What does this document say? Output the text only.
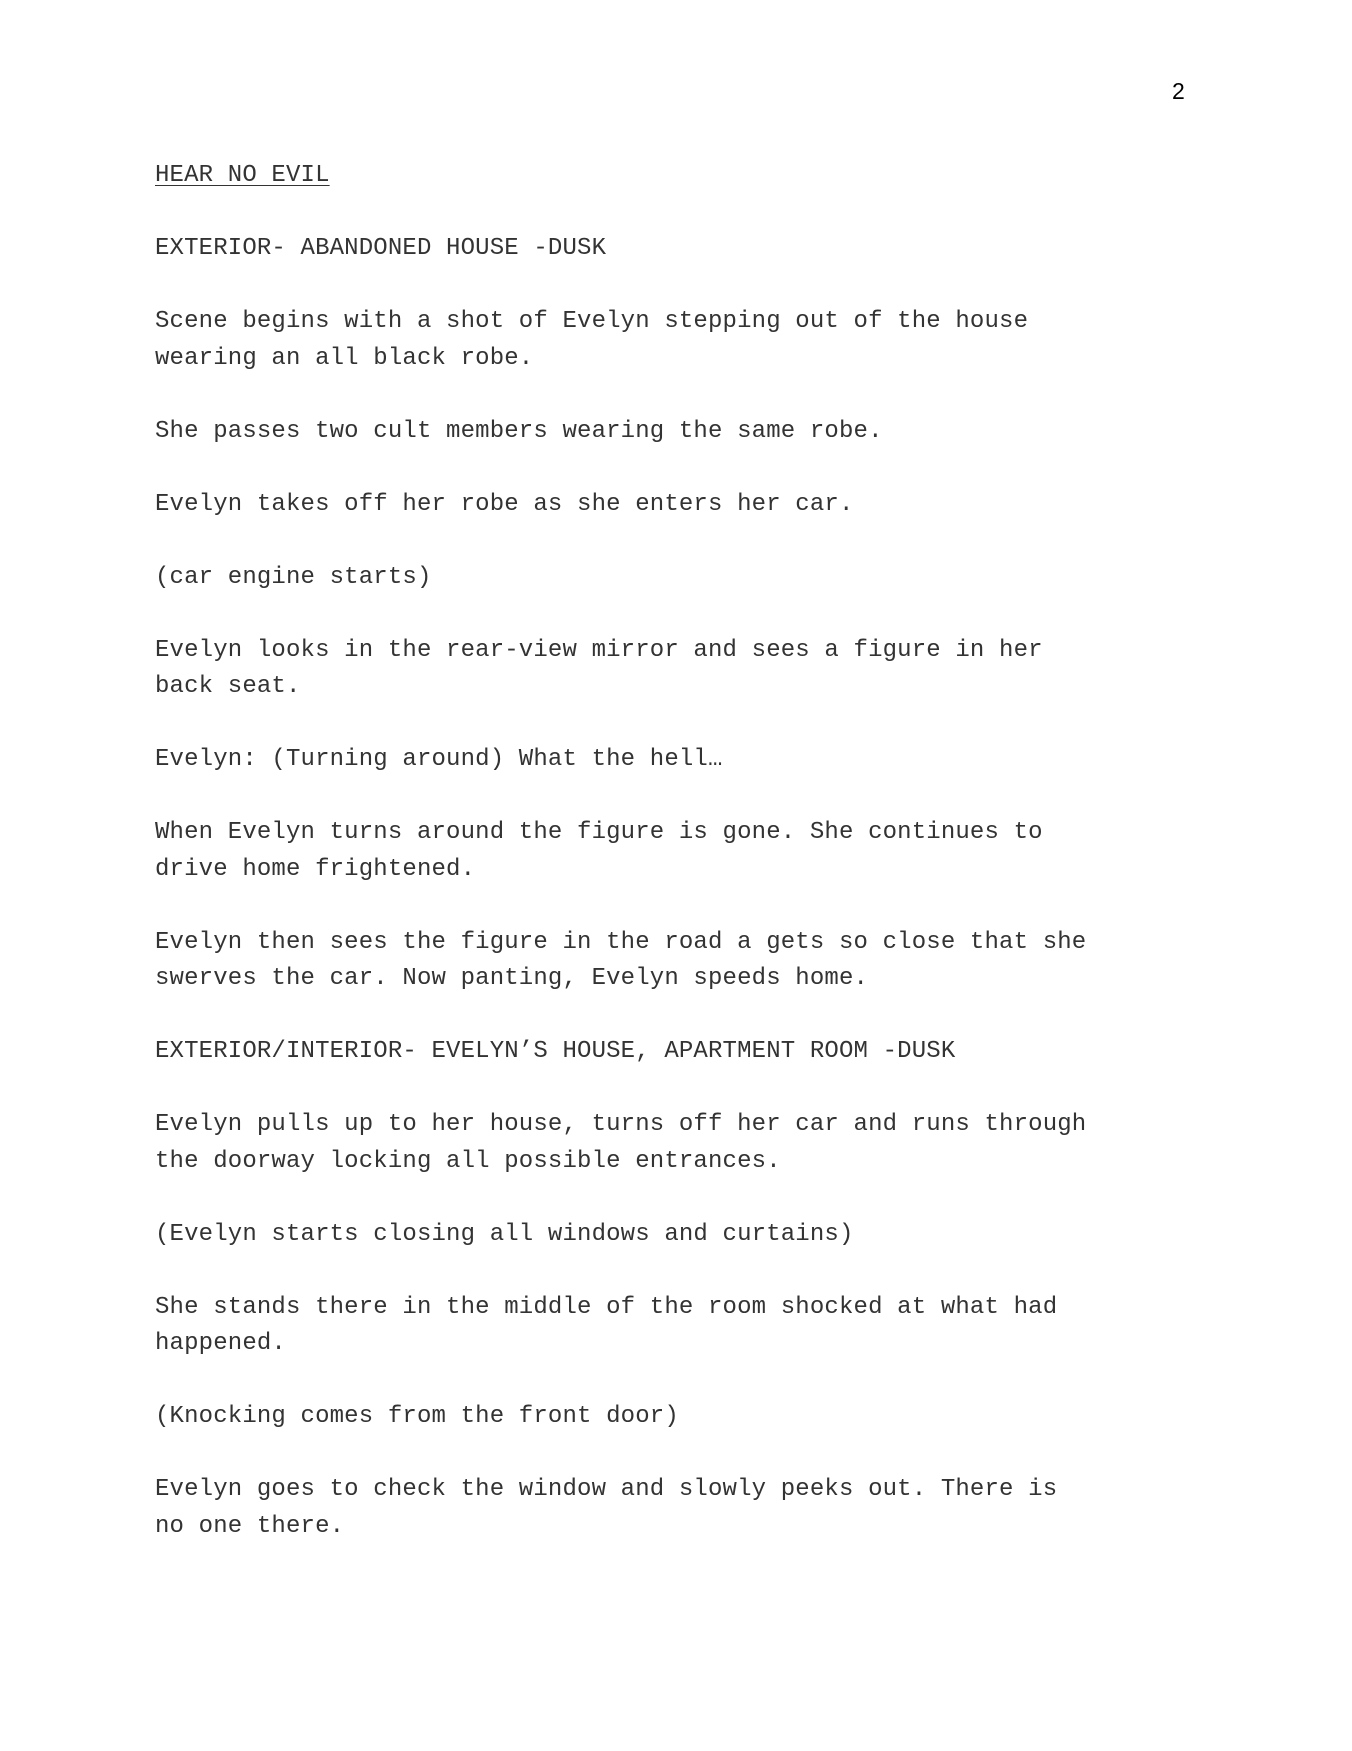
2

HEAR NO EVIL

EXTERIOR- ABANDONED HOUSE -DUSK

Scene begins with a shot of Evelyn stepping out of the house
wearing an all black robe.

She passes two cult members wearing the same robe.

Evelyn takes off her robe as she enters her car.

(car engine starts)

Evelyn looks in the rear-view mirror and sees a figure in her
back seat.

Evelyn: (Turning around) What the hell…

When Evelyn turns around the figure is gone. She continues to
drive home frightened.

Evelyn then sees the figure in the road a gets so close that she
swerves the car. Now panting, Evelyn speeds home.

EXTERIOR/INTERIOR- EVELYN’S HOUSE, APARTMENT ROOM -DUSK

Evelyn pulls up to her house, turns off her car and runs through
the doorway locking all possible entrances.

(Evelyn starts closing all windows and curtains)

She stands there in the middle of the room shocked at what had
happened.

(Knocking comes from the front door)

Evelyn goes to check the window and slowly peeks out. There is
no one there.
